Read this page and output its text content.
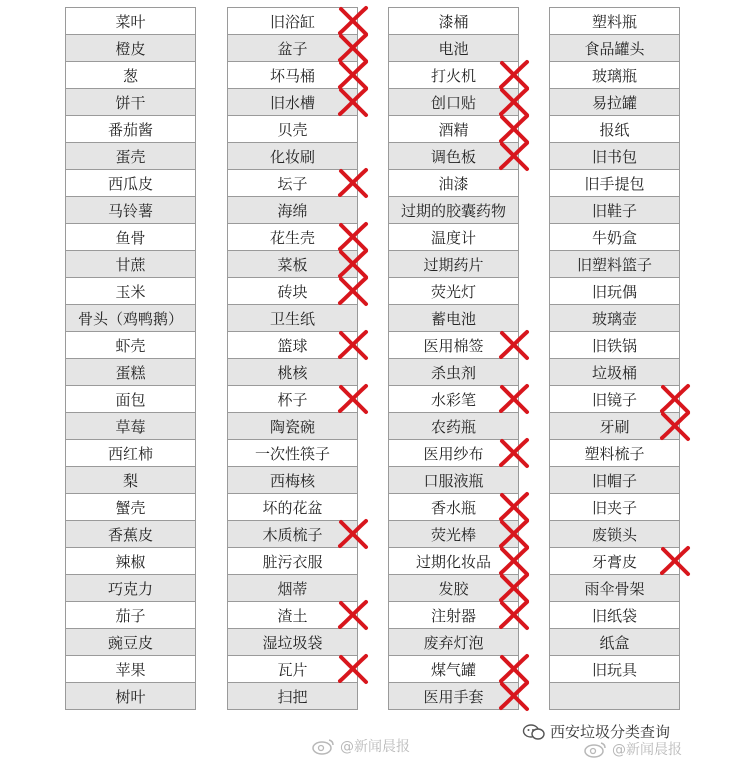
菜叶
橙皮
葱
饼干
番茄酱
蛋壳
西瓜皮
马铃薯
鱼骨
甘蔗
玉米
骨头（鸡鸭鹅）
虾壳
蛋糕
面包
草莓
西红柿
梨
蟹壳
香蕉皮
辣椒
巧克力
茄子
豌豆皮
苹果
树叶
旧浴缸
盆子
坏马桶
旧水槽
贝壳
化妆刷
坛子
海绵
花生壳
菜板
砖块
卫生纸
篮球
桃核
杯子
陶瓷碗
一次性筷子
西梅核
坏的花盆
木质梳子
脏污衣服
烟蒂
渣土
湿垃圾袋
瓦片
扫把
漆桶
电池
打火机
创口贴
酒精
调色板
油漆
过期的胶囊药物
温度计
过期药片
荧光灯
蓄电池
医用棉签
杀虫剂
水彩笔
农药瓶
医用纱布
口服液瓶
香水瓶
荧光棒
过期化妆品
发胶
注射器
废弃灯泡
煤气罐
医用手套
塑料瓶
食品罐头
玻璃瓶
易拉罐
报纸
旧书包
旧手提包
旧鞋子
牛奶盒
旧塑料篮子
旧玩偶
玻璃壶
旧铁锅
垃圾桶
旧镜子
牙刷
塑料梳子
旧帽子
旧夹子
废锁头
牙膏皮
雨伞骨架
旧纸袋
纸盒
旧玩具
@新闻晨报
西安垃圾分类查询
@新闻晨报
